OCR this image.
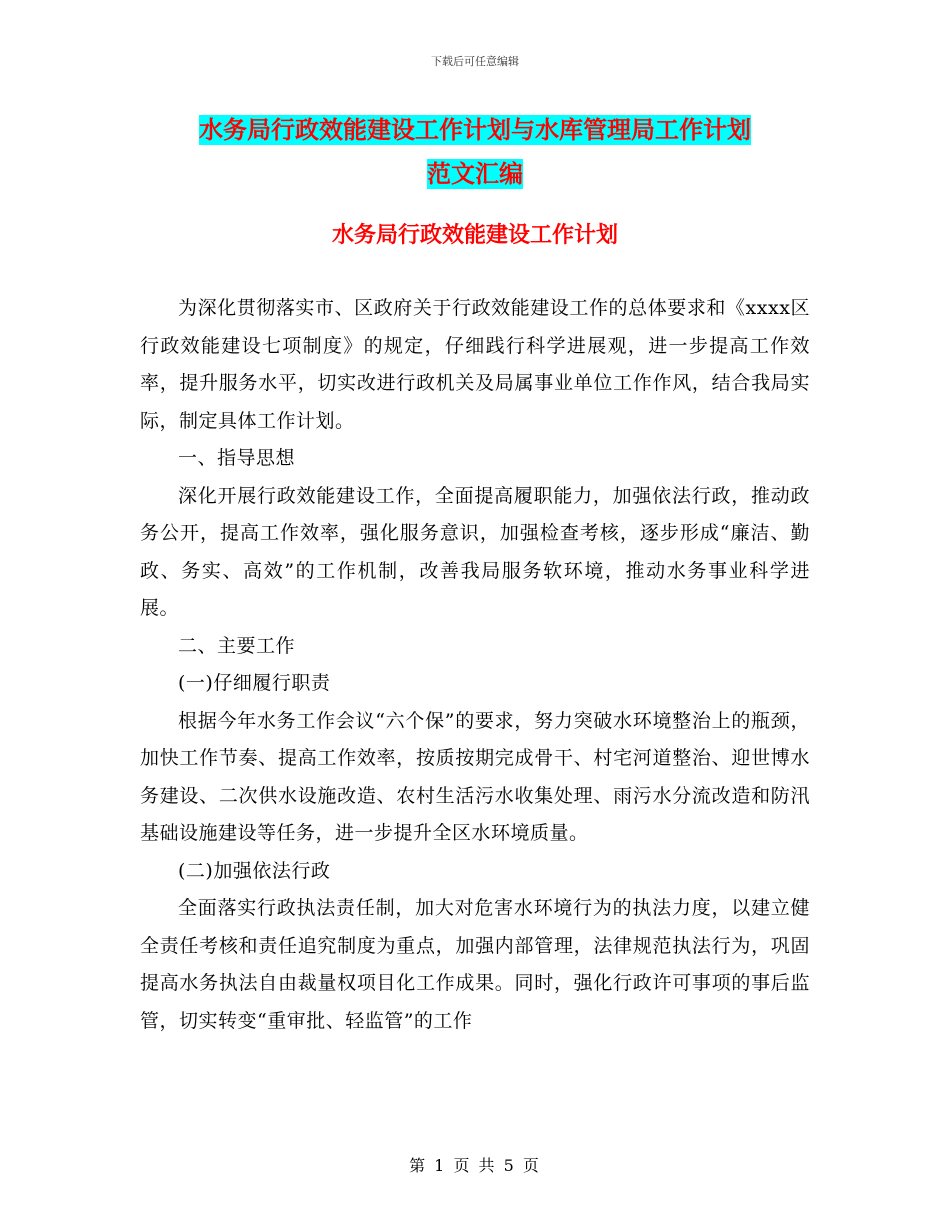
下载后可任意编辑
水务局行政效能建设工作计划与水库管理局工作计划
范文汇编
水务局行政效能建设工作计划

为深化贯彻落实市、区政府关于行政效能建设工作的总体要求和《xxxx区行政效能建设七项制度》的规定，仔细践行科学进展观，进一步提高工作效率，提升服务水平，切实改进行政机关及局属事业单位工作作风，结合我局实际，制定具体工作计划。

一、指导思想

深化开展行政效能建设工作，全面提高履职能力，加强依法行政，推动政务公开，提高工作效率，强化服务意识，加强检查考核，逐步形成“廉洁、勤政、务实、高效”的工作机制，改善我局服务软环境，推动水务事业科学进展。

二、主要工作

(一)仔细履行职责

根据今年水务工作会议“六个保”的要求，努力突破水环境整治上的瓶颈，加快工作节奏、提高工作效率，按质按期完成骨干、村宅河道整治、迎世博水务建设、二次供水设施改造、农村生活污水收集处理、雨污水分流改造和防汛基础设施建设等任务，进一步提升全区水环境质量。

(二)加强依法行政

全面落实行政执法责任制，加大对危害水环境行为的执法力度，以建立健全责任考核和责任追究制度为重点，加强内部管理，法律规范执法行为，巩固提高水务执法自由裁量权项目化工作成果。同时，强化行政许可事项的事后监管，切实转变“重审批、轻监管”的工作

第 1 页 共 5 页
